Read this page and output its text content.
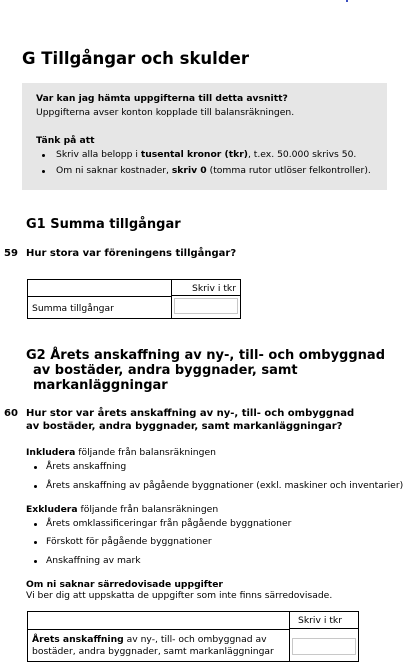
G Tillgångar och skulder
Var kan jag hämta uppgifterna till detta avsnitt?
Uppgifterna avser konton kopplade till balansräkningen.
Tänk på att
Skriv alla belopp i tusental kronor (tkr), t.ex. 50.000 skrivs 50.
Om ni saknar kostnader, skriv 0 (tomma rutor utlöser felkontroller).
G1 Summa tillgångar
59 Hur stora var föreningens tillgångar?
Skriv i tkr
Summa tillgångar
G2 Årets anskaffning av ny-, till- och ombyggnad
av bostäder, andra byggnader, samt
markanläggningar
60 Hur stor var årets anskaffning av ny-, till- och ombyggnad
av bostäder, andra byggnader, samt markanläggningar?
Inkludera följande från balansräkningen
Årets anskaffning
Årets anskaffning av pågående byggnationer (exkl. maskiner och inventarier)
Exkludera följande från balansräkningen
Årets omklassificeringar från pågående byggnationer
Förskott för pågående byggnationer
Anskaffning av mark
Om ni saknar särredovisade uppgifter
Vi ber dig att uppskatta de uppgifter som inte finns särredovisade.
Skriv i tkr
Årets anskaffning av ny-, till- och ombyggnad av
bostäder, andra byggnader, samt markanläggningar
